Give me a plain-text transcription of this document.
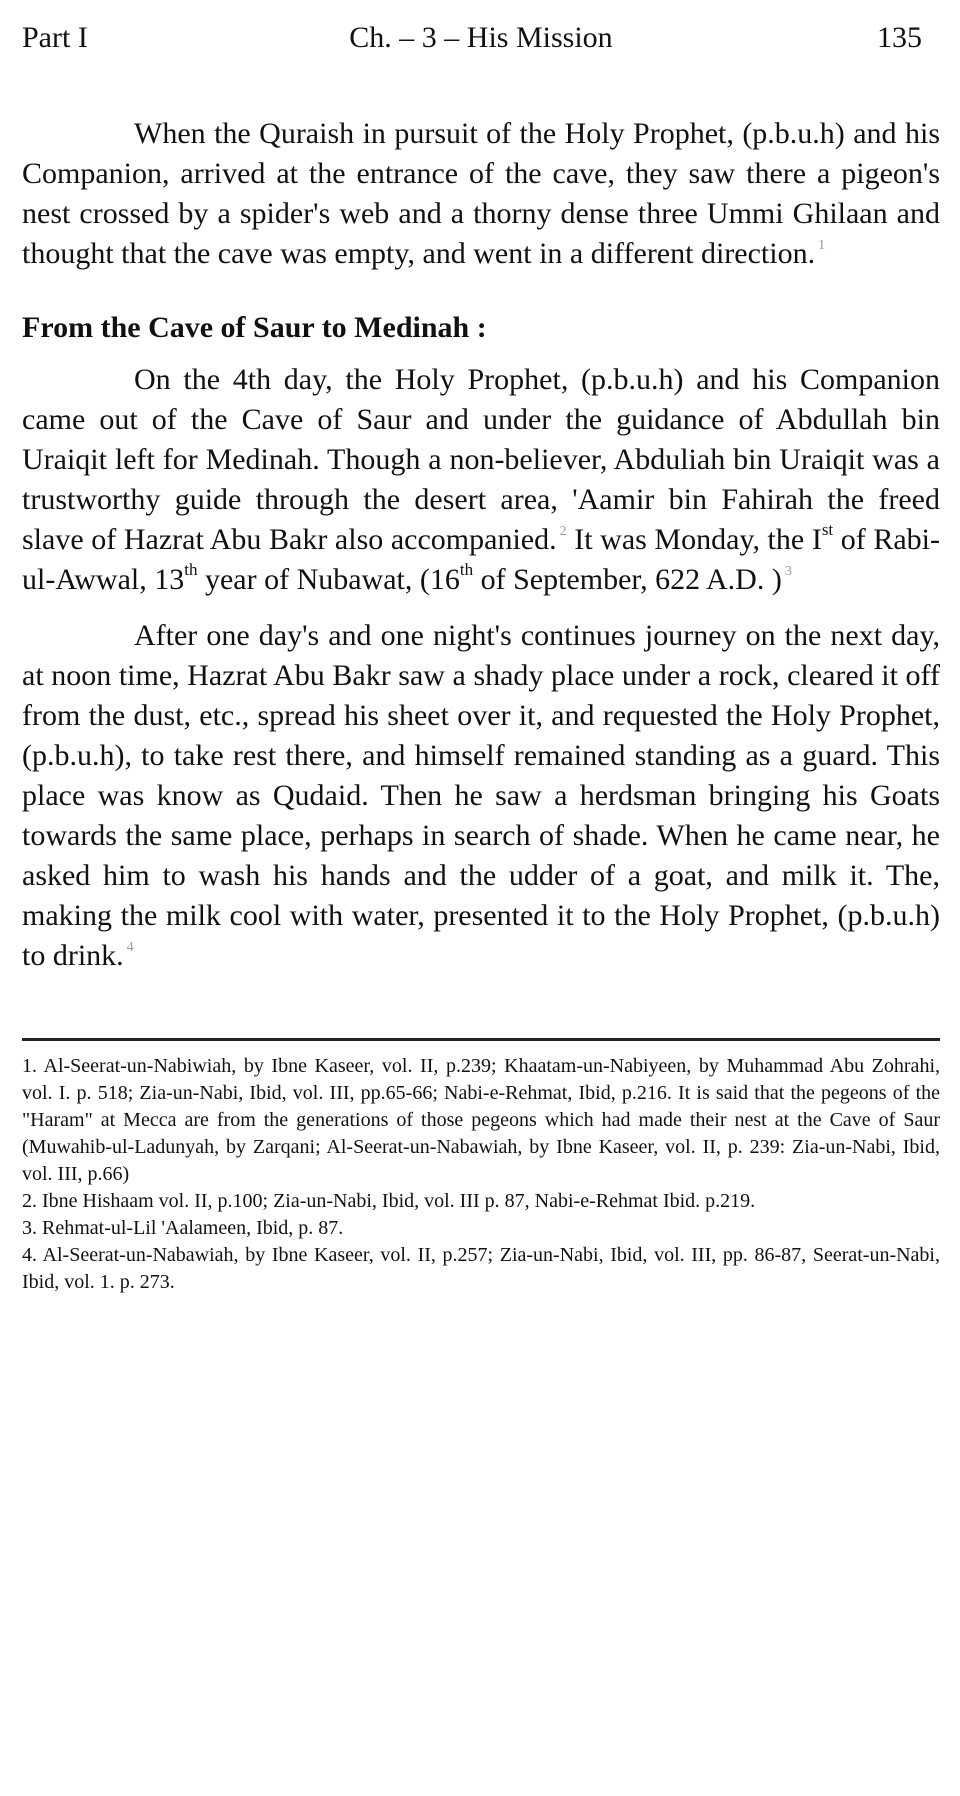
Part I	Ch. – 3 – His Mission	135

When the Quraish in pursuit of the Holy Prophet, (p.b.u.h) and his Companion, arrived at the entrance of the cave, they saw there a pigeon's nest crossed by a spider's web and a thorny dense three Ummi Ghilaan and thought that the cave was empty, and went in a different direction. $^1$

From the Cave of Saur to Medinah :

On the 4th day, the Holy Prophet, (p.b.u.h) and his Companion came out of the Cave of Saur and under the guidance of Abdullah bin Uraiqit left for Medinah. Though a non-believer, Abduliah bin Uraiqit was a trustworthy guide through the desert area, 'Aamir bin Fahirah the freed slave of Hazrat Abu Bakr also accompanied. $^2$ It was Monday, the Ist of Rabi-ul-Awwal, 13th year of Nubawat, (16th of September, 622 A.D. ) $^3$

After one day's and one night's continues journey on the next day, at noon time, Hazrat Abu Bakr saw a shady place under a rock, cleared it off from the dust, etc., spread his sheet over it, and requested the Holy Prophet, (p.b.u.h), to take rest there, and himself remained standing as a guard. This place was know as Qudaid. Then he saw a herdsman bringing his Goats towards the same place, perhaps in search of shade. When he came near, he asked him to wash his hands and the udder of a goat, and milk it. The, making the milk cool with water, presented it to the Holy Prophet, (p.b.u.h) to drink. $^4$

1. Al-Seerat-un-Nabiwiah, by Ibne Kaseer, vol. II, p.239; Khaatam-un-Nabiyeen, by Muhammad Abu Zohrahi, vol. I. p. 518; Zia-un-Nabi, Ibid, vol. III, pp.65-66; Nabi-e-Rehmat, Ibid, p.216. It is said that the pegeons of the "Haram" at Mecca are from the generations of those pegeons which had made their nest at the Cave of Saur (Muwahib-ul-Ladunyah, by Zarqani; Al-Seerat-un-Nabawiah, by Ibne Kaseer, vol. II, p. 239: Zia-un-Nabi, Ibid, vol. III, p.66)

2. Ibne Hishaam vol. II, p.100; Zia-un-Nabi, Ibid, vol. III p. 87, Nabi-e-Rehmat Ibid. p.219.

3. Rehmat-ul-Lil 'Aalameen, Ibid, p. 87.

4. Al-Seerat-un-Nabawiah, by Ibne Kaseer, vol. II, p.257; Zia-un-Nabi, Ibid, vol. III, pp. 86-87, Seerat-un-Nabi, Ibid, vol. 1. p. 273.
